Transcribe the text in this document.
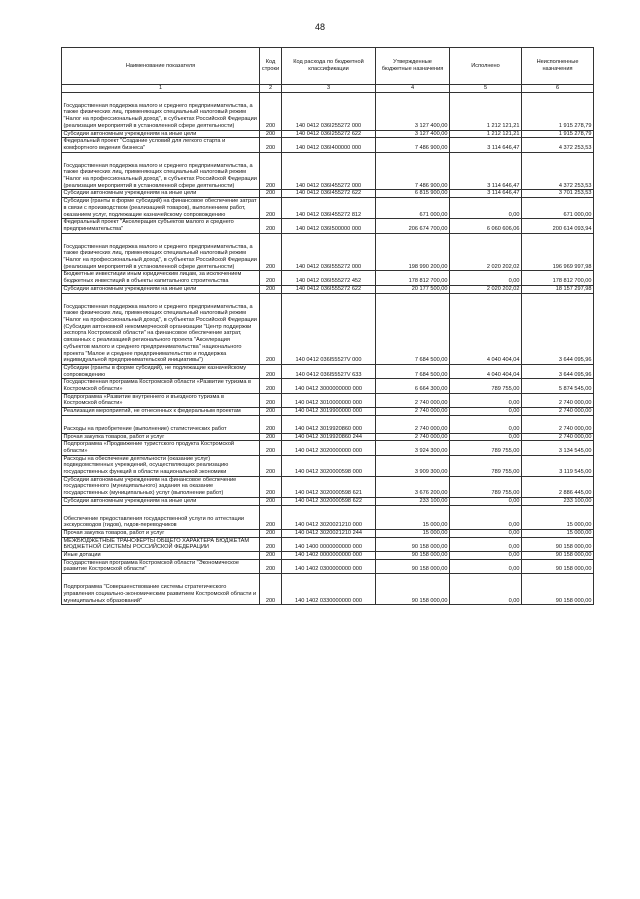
48
Наименование показателя	Код строки	Код расхода по бюджетной классификации	Утвержденные бюджетные назначения	Исполнено	Неисполненные назначения
1	2	3	4	5	6

Государственная поддержка малого и среднего предпринимательства, а также физических лиц, применяющих специальный налоговый режим "Налог на профессиональный доход", в субъектах Российской Федерации (реализация мероприятий в установленной сфере деятельности)	200	140 0412 036I255272 000	3 127 400,00	1 212 121,21	1 915 278,79
Субсидии автономным учреждениям на иные цели	200	140 0412 036I255272 622	3 127 400,00	1 212 121,21	1 915 278,79
Федеральный проект "Создание условий для легкого старта и комфортного ведения бизнеса"	200	140 0412 036I400000 000	7 486 900,00	3 114 646,47	4 372 253,53

Государственная поддержка малого и среднего предпринимательства, а также физических лиц, применяющих специальный налоговый режим "Налог на профессиональный доход", в субъектах Российской Федерации (реализация мероприятий в установленной сфере деятельности)	200	140 0412 036I455272 000	7 486 900,00	3 114 646,47	4 372 253,53
Субсидии автономным учреждениям на иные цели	200	140 0412 036I455272 622	6 815 900,00	3 114 646,47	3 701 253,53
Субсидии (гранты в форме субсидий) на финансовое обеспечение затрат в связи с производством (реализацией товаров), выполнением работ, оказанием услуг, подлежащие казначейскому сопровождению	200	140 0412 036I455272 812	671 000,00	0,00	671 000,00
Федеральный проект "Акселерация субъектов малого и среднего предпринимательства"	200	140 0412 036I500000 000	206 674 700,00	6 060 606,06	200 614 093,94

Государственная поддержка малого и среднего предпринимательства, а также физических лиц, применяющих специальный налоговый режим "Налог на профессиональный доход", в субъектах Российской Федерации (реализация мероприятий в установленной сфере деятельности)	200	140 0412 036I555272 000	198 990 200,00	2 020 202,02	196 969 997,98
Бюджетные инвестиции иным юридическим лицам, за исключением бюджетных инвестиций в объекты капитального строительства	200	140 0412 036I555272 452	178 812 700,00	0,00	178 812 700,00
Субсидии автономным учреждениям на иные цели	200	140 0412 036I555272 622	20 177 500,00	2 020 202,02	18 157 297,98

Государственная поддержка малого и среднего предпринимательства, а также физических лиц, применяющих специальный налоговый режим "Налог на профессиональный доход", в субъектах Российской Федерации (Субсидия автономной некоммерческой организации "Центр поддержки экспорта Костромской области" на финансовое обеспечение затрат, связанных с реализацией регионального проекта "Акселерация субъектов малого и среднего предпринимательства" национального проекта "Малое и среднее предпринимательство и поддержка индивидуальной предпринимательской инициативы")	200	140 0412 036I55527V 000	7 684 500,00	4 040 404,04	3 644 095,96
Субсидии (гранты в форме субсидий), не подлежащие казначейскому сопровождению	200	140 0412 036I55527V 633	7 684 500,00	4 040 404,04	3 644 095,96
Государственная программа Костромской области «Развитие туризма в Костромской области»	200	140 0412 3000000000 000	6 664 300,00	789 755,00	5 874 545,00
Подпрограмма «Развитие внутреннего и въездного туризма в Костромской области»	200	140 0412 3010000000 000	2 740 000,00	0,00	2 740 000,00
Реализация мероприятий, не отнесенных к федеральным проектам	200	140 0412 3019900000 000	2 740 000,00	0,00	2 740 000,00

Расходы на приобретение (выполнение) статистических работ	200	140 0412 3019920860 000	2 740 000,00	0,00	2 740 000,00
Прочая закупка товаров, работ и услуг	200	140 0412 3019920860 244	2 740 000,00	0,00	2 740 000,00
Подпрограмма «Продвижение туристского продукта Костромской области»	200	140 0412 3020000000 000	3 924 300,00	789 755,00	3 134 545,00
Расходы на обеспечение деятельности (оказание услуг) подведомственных учреждений, осуществляющих реализацию государственных функций в области национальной экономики	200	140 0412 3020000598 000	3 909 300,00	789 755,00	3 119 545,00
Субсидии автономным учреждениям на финансовое обеспечение государственного (муниципального) задания на оказание государственных (муниципальных) услуг (выполнение работ)	200	140 0412 3020000598 621	3 676 200,00	789 755,00	2 886 445,00
Субсидии автономным учреждениям на иные цели	200	140 0412 3020000598 622	233 100,00	0,00	233 100,00

Обеспечение предоставления государственной услуги по аттестации экскурсоводов (гидов), гидов-переводчиков	200	140 0412 3020021210 000	15 000,00	0,00	15 000,00
Прочая закупка товаров, работ и услуг	200	140 0412 3020021210 244	15 000,00	0,00	15 000,00
МЕЖБЮДЖЕТНЫЕ ТРАНСФЕРТЫ ОБЩЕГО ХАРАКТЕРА БЮДЖЕТАМ БЮДЖЕТНОЙ СИСТЕМЫ РОССИЙСКОЙ ФЕДЕРАЦИИ	200	140 1400 0000000000 000	90 158 000,00	0,00	90 158 000,00
Иные дотации	200	140 1402 0000000000 000	90 158 000,00	0,00	90 158 000,00
Государственная программа Костромской области "Экономическое развитие Костромской области"	200	140 1402 0300000000 000	90 158 000,00	0,00	90 158 000,00

Подпрограмма "Совершенствование системы стратегического управления социально-экономическим развитием Костромской области и муниципальных образований"	200	140 1402 0330000000 000	90 158 000,00	0,00	90 158 000,00
